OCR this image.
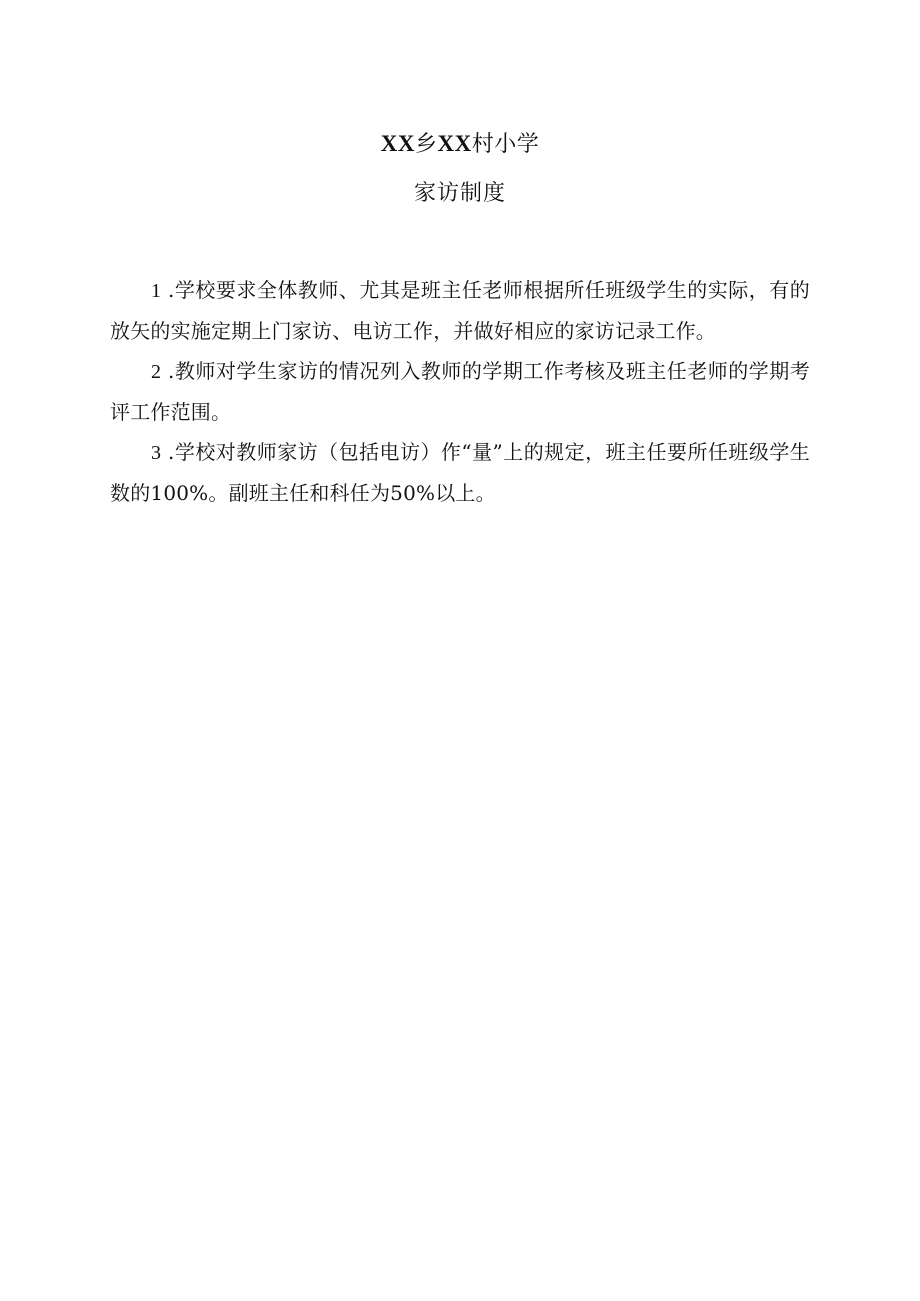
XX乡XX村小学
家访制度

1 .学校要求全体教师、尤其是班主任老师根据所任班级学生的实际，有的放矢的实施定期上门家访、电访工作，并做好相应的家访记录工作。

2 .教师对学生家访的情况列入教师的学期工作考核及班主任老师的学期考评工作范围。

3 .学校对教师家访（包括电访）作“量”上的规定，班主任要所任班级学生数的100%。副班主任和科任为50%以上。
